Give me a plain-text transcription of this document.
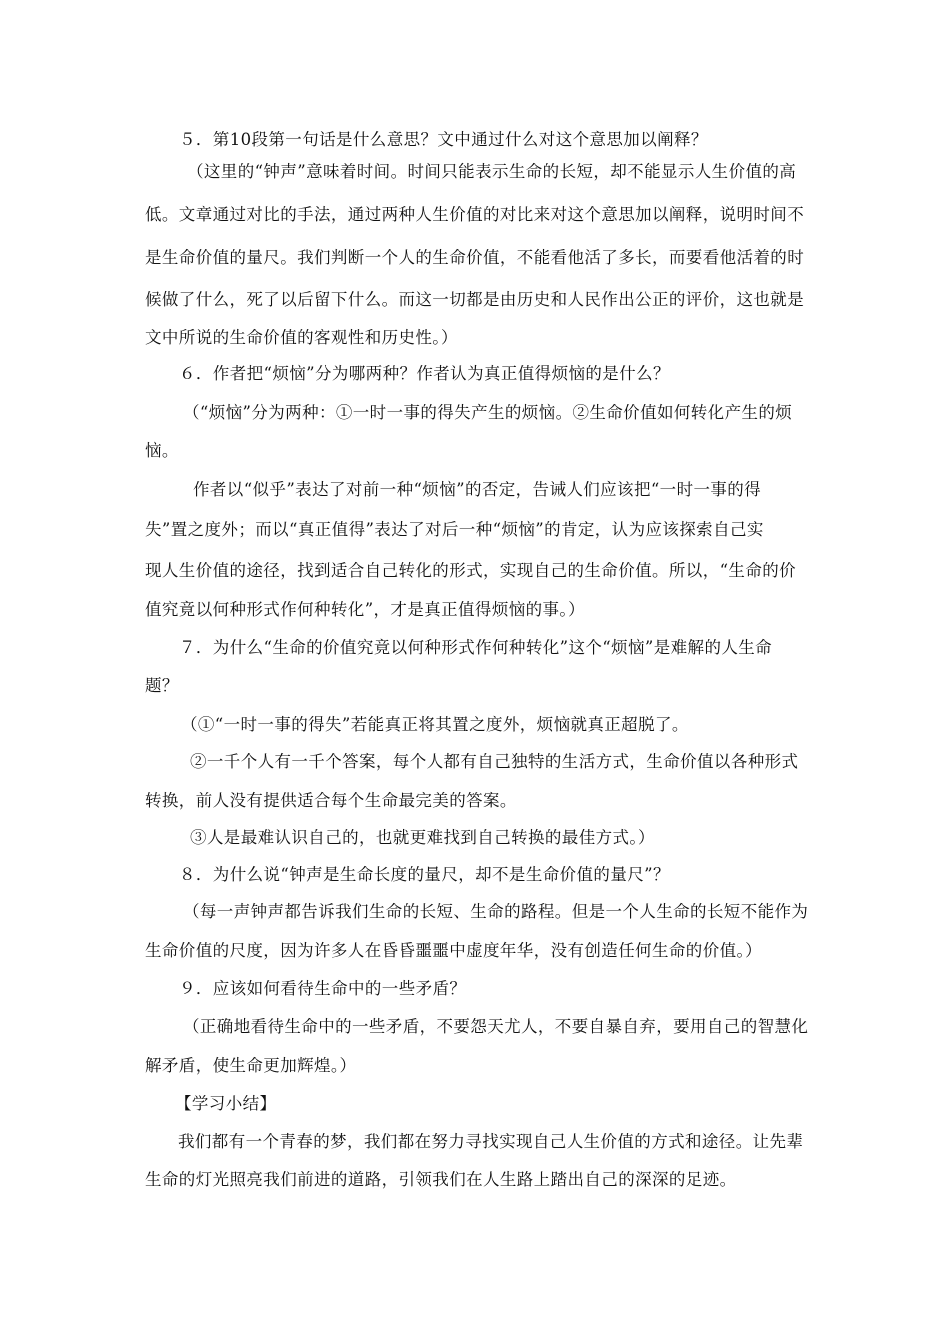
５．第10段第一句话是什么意思？文中通过什么对这个意思加以阐释？
（这里的“钟声”意味着时间。时间只能表示生命的长短，却不能显示人生价值的高
低。文章通过对比的手法，通过两种人生价值的对比来对这个意思加以阐释，说明时间不
是生命价值的量尺。我们判断一个人的生命价值，不能看他活了多长，而要看他活着的时
候做了什么，死了以后留下什么。而这一切都是由历史和人民作出公正的评价，这也就是
文中所说的生命价值的客观性和历史性。）
６．作者把“烦恼”分为哪两种？作者认为真正值得烦恼的是什么？
（“烦恼”分为两种：①一时一事的得失产生的烦恼。②生命价值如何转化产生的烦
恼。
作者以“似乎”表达了对前一种“烦恼”的否定，告诫人们应该把“一时一事的得
失”置之度外；而以“真正值得”表达了对后一种“烦恼”的肯定，认为应该探索自己实
现人生价值的途径，找到适合自己转化的形式，实现自己的生命价值。所以，“生命的价
值究竟以何种形式作何种转化”，才是真正值得烦恼的事。）
７．为什么“生命的价值究竟以何种形式作何种转化”这个“烦恼”是难解的人生命
题？
（①“一时一事的得失”若能真正将其置之度外，烦恼就真正超脱了。
②一千个人有一千个答案，每个人都有自己独特的生活方式，生命价值以各种形式
转换，前人没有提供适合每个生命最完美的答案。
③人是最难认识自己的，也就更难找到自己转换的最佳方式。）
８．为什么说“钟声是生命长度的量尺，却不是生命价值的量尺”？
（每一声钟声都告诉我们生命的长短、生命的路程。但是一个人生命的长短不能作为
生命价值的尺度，因为许多人在昏昏噩噩中虚度年华，没有创造任何生命的价值。）
９．应该如何看待生命中的一些矛盾？
（正确地看待生命中的一些矛盾，不要怨天尤人，不要自暴自弃，要用自己的智慧化
解矛盾，使生命更加辉煌。）
【学习小结】
我们都有一个青春的梦，我们都在努力寻找实现自己人生价值的方式和途径。让先辈
生命的灯光照亮我们前进的道路，引领我们在人生路上踏出自己的深深的足迹。
